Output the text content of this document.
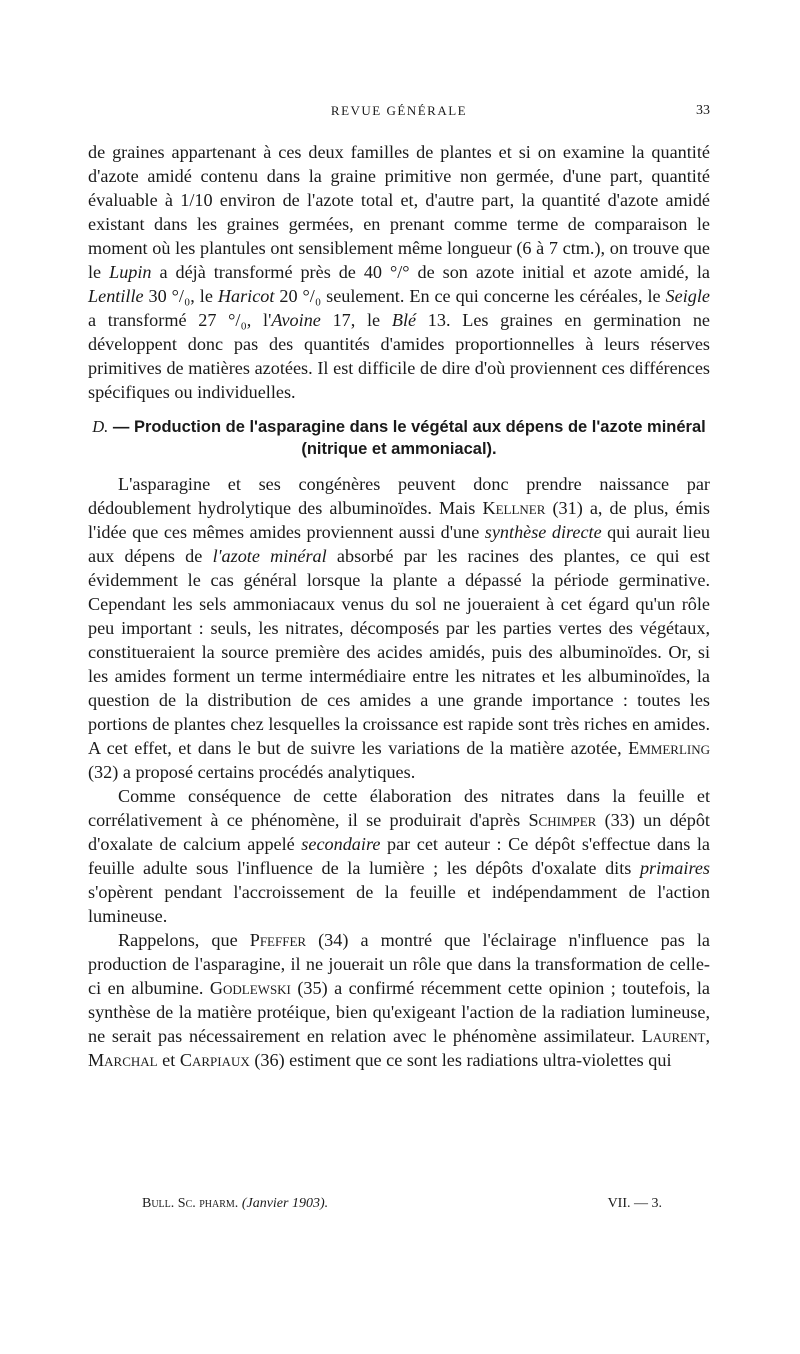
REVUE GÉNÉRALE	33

de graines appartenant à ces deux familles de plantes et si on examine la quantité d'azote amidé contenu dans la graine primitive non germée, d'une part, quantité évaluable à 1/10 environ de l'azote total et, d'autre part, la quantité d'azote amidé existant dans les graines germées, en prenant comme terme de comparaison le moment où les plantules ont sensiblement même longueur (6 à 7 ctm.), on trouve que le Lupin a déjà transformé près de 40 °/° de son azote initial et azote amidé, la Lentille 30 °/₀, le Haricot 20 °/₀ seulement. En ce qui concerne les céréales, le Seigle a transformé 27 °/₀, l'Avoine 17, le Blé 13. Les graines en germination ne développent donc pas des quantités d'amides proportionnelles à leurs réserves primitives de matières azotées. Il est difficile de dire d'où proviennent ces différences spécifiques ou individuelles.

D. — Production de l'asparagine dans le végétal aux dépens de l'azote minéral (nitrique et ammoniacal).

L'asparagine et ses congénères peuvent donc prendre naissance par dédoublement hydrolytique des albuminoïdes. Mais Kellner (31) a, de plus, émis l'idée que ces mêmes amides proviennent aussi d'une synthèse directe qui aurait lieu aux dépens de l'azote minéral absorbé par les racines des plantes, ce qui est évidemment le cas général lorsque la plante a dépassé la période germinative. Cependant les sels ammoniacaux venus du sol ne joueraient à cet égard qu'un rôle peu important : seuls, les nitrates, décomposés par les parties vertes des végétaux, constitueraient la source première des acides amidés, puis des albuminoïdes. Or, si les amides forment un terme intermédiaire entre les nitrates et les albuminoïdes, la question de la distribution de ces amides a une grande importance : toutes les portions de plantes chez lesquelles la croissance est rapide sont très riches en amides. A cet effet, et dans le but de suivre les variations de la matière azotée, Emmerling (32) a proposé certains procédés analytiques.

Comme conséquence de cette élaboration des nitrates dans la feuille et corrélativement à ce phénomène, il se produirait d'après Schimper (33) un dépôt d'oxalate de calcium appelé secondaire par cet auteur : Ce dépôt s'effectue dans la feuille adulte sous l'influence de la lumière ; les dépôts d'oxalate dits primaires s'opèrent pendant l'accroissement de la feuille et indépendamment de l'action lumineuse.

Rappelons, que Pfeffer (34) a montré que l'éclairage n'influence pas la production de l'asparagine, il ne jouerait un rôle que dans la transformation de celle-ci en albumine. Godlewski (35) a confirmé récemment cette opinion ; toutefois, la synthèse de la matière protéique, bien qu'exigeant l'action de la radiation lumineuse, ne serait pas nécessairement en relation avec le phénomène assimilateur. Laurent, Marchal et Carpiaux (36) estiment que ce sont les radiations ultra-violettes qui

Bull. Sc. pharm. (Janvier 1903).	VII. — 3.
